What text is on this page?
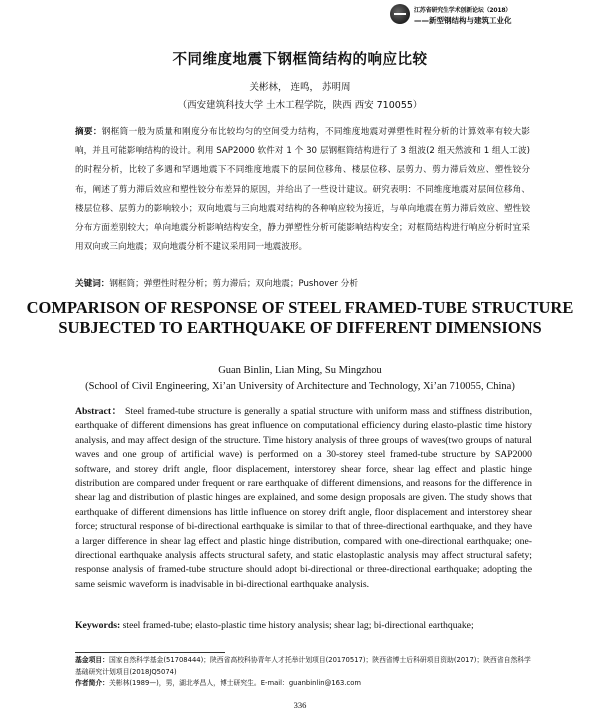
江苏省研究生学术创新论坛（2018）
——新型钢结构与建筑工业化
不同维度地震下钢框筒结构的响应比较
关彬林， 连鸣， 苏明周
（西安建筑科技大学 土木工程学院，陕西 西安 710055）
摘要：钢框筒一般为质量和刚度分布比较均匀的空间受力结构，不同维度地震对弹塑性时程分析的计算效率有较大影响，并且可能影响结构的设计。利用 SAP2000 软件对 1 个 30 层钢框筒结构进行了 3 组波(2 组天然波和 1 组人工波)的时程分析，比较了多遇和罕遇地震下不同维度地震下的层间位移角、楼层位移、层剪力、剪力滞后效应、塑性铰分布，阐述了剪力滞后效应和塑性铰分布差异的原因，并给出了一些设计建议。研究表明：不同维度地震对层间位移角、楼层位移、层剪力的影响较小；双向地震与三向地震对结构的各种响应较为接近，与单向地震在剪力滞后效应、塑性铰分布方面差别较大；单向地震分析影响结构安全，静力弹塑性分析可能影响结构安全；对框筒结构进行响应分析时宜采用双向或三向地震；双向地震分析不建议采用同一地震波形。
关键词：钢框筒；弹塑性时程分析；剪力滞后；双向地震；Pushover 分析
COMPARISON OF RESPONSE OF STEEL FRAMED-TUBE STRUCTURE SUBJECTED TO EARTHQUAKE OF DIFFERENT DIMENSIONS
Guan Binlin, Lian Ming, Su Mingzhou
(School of Civil Engineering, Xi’an University of Architecture and Technology, Xi’an 710055, China)
Abstract： Steel framed-tube structure is generally a spatial structure with uniform mass and stiffness distribution, earthquake of different dimensions has great influence on computational efficiency during elasto-plastic time history analysis, and may affect design of the structure. Time history analysis of three groups of waves(two groups of natural waves and one group of artificial wave) is performed on a 30-storey steel framed-tube structure by SAP2000 software, and storey drift angle, floor displacement, interstorey shear force, shear lag effect and plastic hinge distribution are compared under frequent or rare earthquake of different dimensions, and reasons for the difference in shear lag and distribution of plastic hinges are explained, and some design proposals are given. The study shows that earthquake of different dimensions has little influence on storey drift angle, floor displacement and interstorey shear force; structural response of bi-directional earthquake is similar to that of three-directional earthquake, and they have a larger difference in shear lag effect and plastic hinge distribution, compared with one-directional earthquake; one-directional earthquake analysis affects structural safety, and static elastoplastic analysis may affect structural safety; response analysis of framed-tube structure should adopt bi-directional or three-directional earthquake; adopting the same seismic waveform is inadvisable in bi-directional earthquake analysis.
Keywords: steel framed-tube; elasto-plastic time history analysis; shear lag; bi-directional earthquake;
基金项目：国家自然科学基金(51708444)；陕西省高校科协青年人才托举计划项目(20170517)；陕西省博士后科研项目资助(2017)；陕西省自然科学基础研究计划项目(2018JQ5074)
作者简介：关彬林(1989—)，男，湖北孝昌人，博士研究生。E-mail：guanbinlin@163.com
336
